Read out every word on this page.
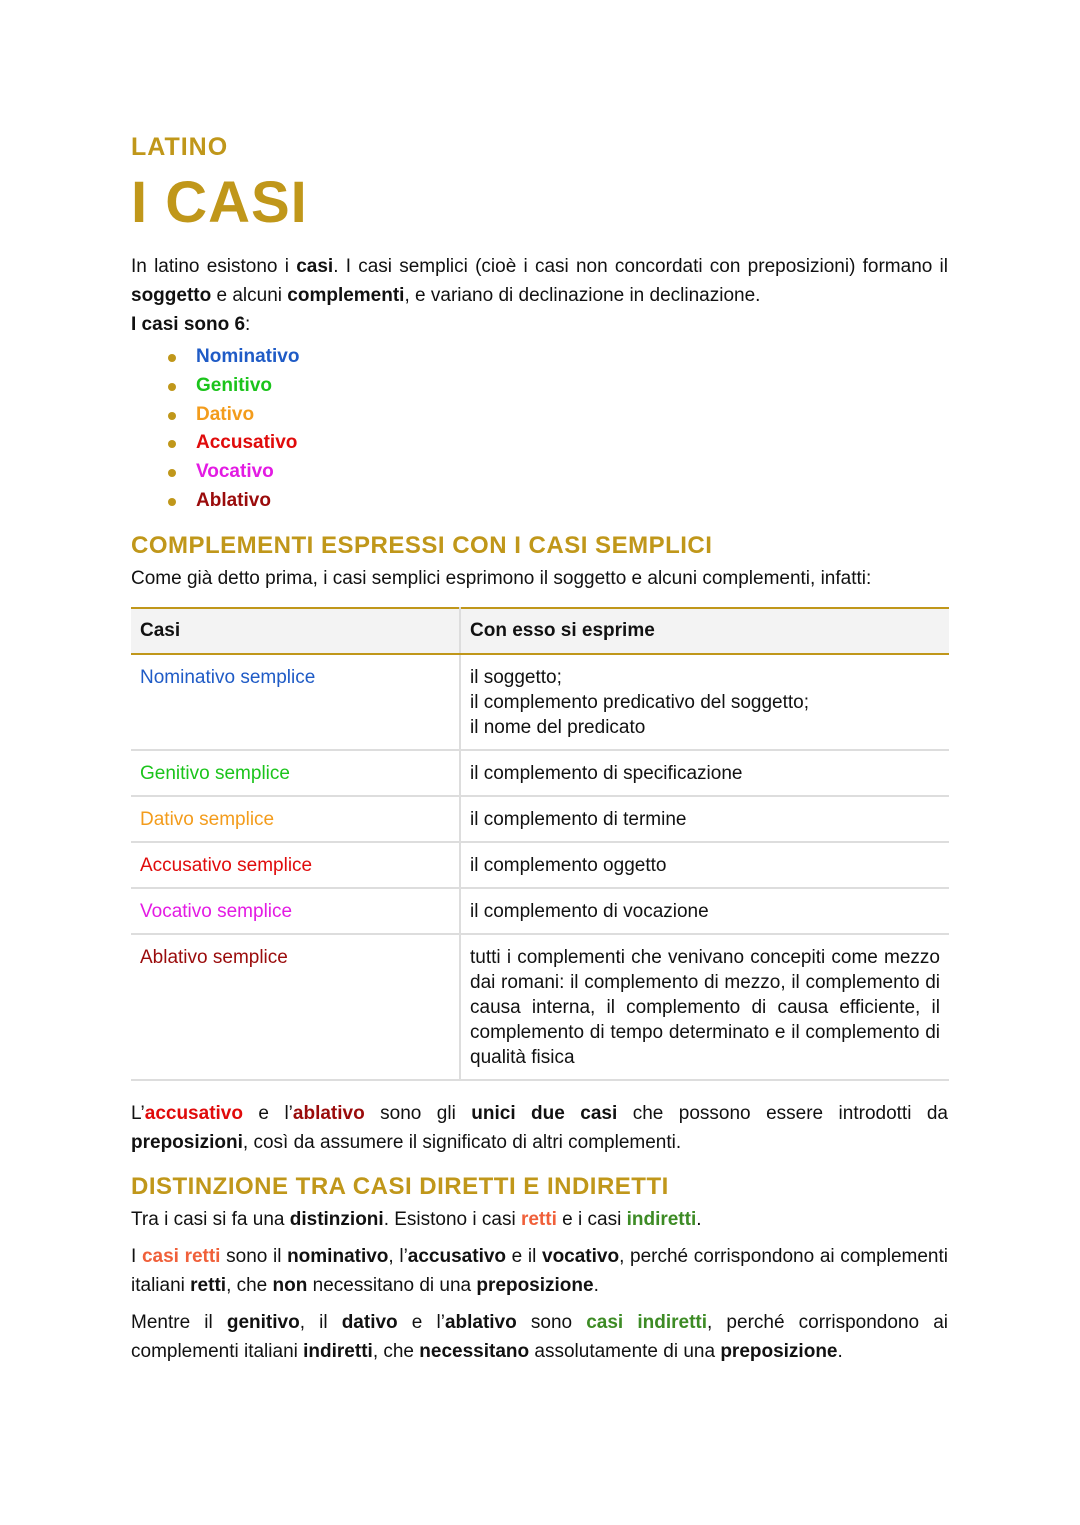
LATINO
I CASI

In latino esistono i casi. I casi semplici (cioè i casi non concordati con preposizioni) formano il soggetto e alcuni complementi, e variano di declinazione in declinazione.

I casi sono 6:

Nominativo
Genitivo
Dativo
Accusativo
Vocativo
Ablativo
COMPLEMENTI ESPRESSI CON I CASI SEMPLICI

Come già detto prima, i casi semplici esprimono il soggetto e alcuni complementi, infatti:

Casi	Con esso si esprime
Nominativo semplice	il soggetto;
il complemento predicativo del soggetto;
il nome del predicato

Genitivo semplice	il complemento di specificazione

Dativo semplice	il complemento di termine

Accusativo semplice	il complemento oggetto

Vocativo semplice	il complemento di vocazione

Ablativo semplice	tutti i complementi che venivano concepiti come mezzo dai romani: il complemento di mezzo, il complemento di causa interna, il complemento di causa efficiente, il complemento di tempo determinato e il complemento di qualità fisica

L’accusativo e l’ablativo sono gli unici due casi che possono essere introdotti da preposizioni, così da assumere il significato di altri complementi.

DISTINZIONE TRA CASI DIRETTI E INDIRETTI

Tra i casi si fa una distinzioni. Esistono i casi retti e i casi indiretti.

I casi retti sono il nominativo, l’accusativo e il vocativo, perché corrispondono ai complementi italiani retti, che non necessitano di una preposizione.

Mentre il genitivo, il dativo e l’ablativo sono casi indiretti, perché corrispondono ai complementi italiani indiretti, che necessitano assolutamente di una preposizione.
